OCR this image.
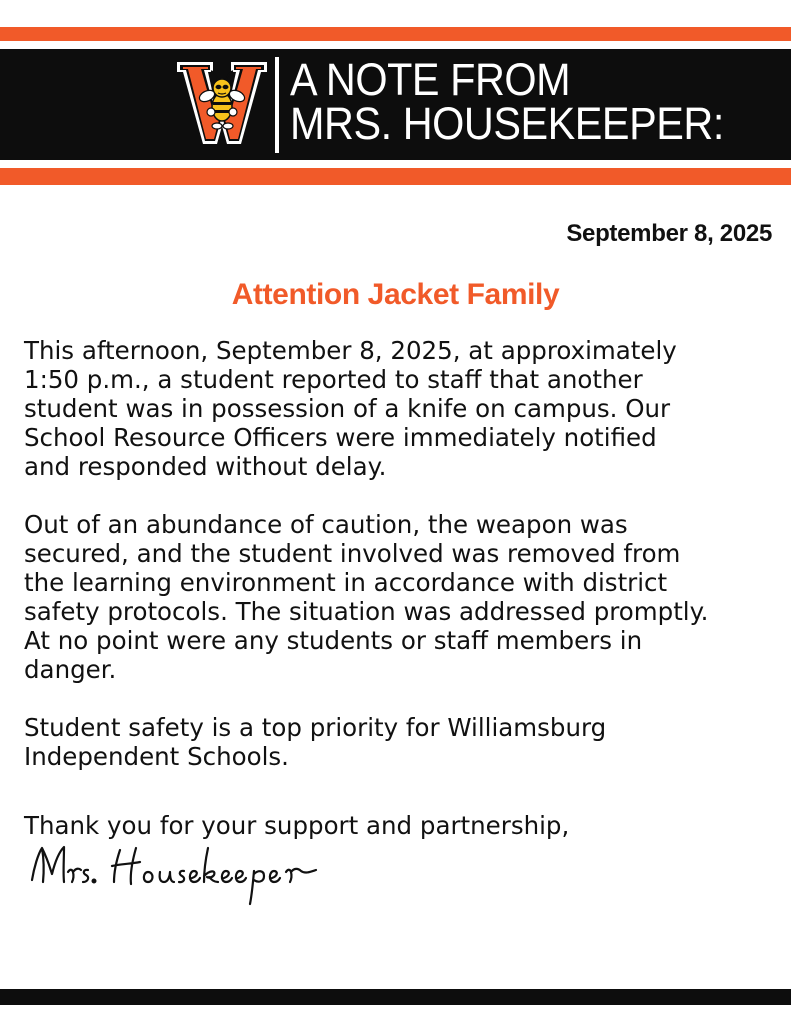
A NOTE FROM
MRS. HOUSEKEEPER:
September 8, 2025
Attention Jacket Family

This afternoon, September 8, 2025, at approximately
1:50 p.m., a student reported to staff that another
student was in possession of a knife on campus. Our
School Resource Officers were immediately notified
and responded without delay.

Out of an abundance of caution, the weapon was
secured, and the student involved was removed from
the learning environment in accordance with district
safety protocols. The situation was addressed promptly.
At no point were any students or staff members in
danger.

Student safety is a top priority for Williamsburg
Independent Schools.

Thank you for your support and partnership,
